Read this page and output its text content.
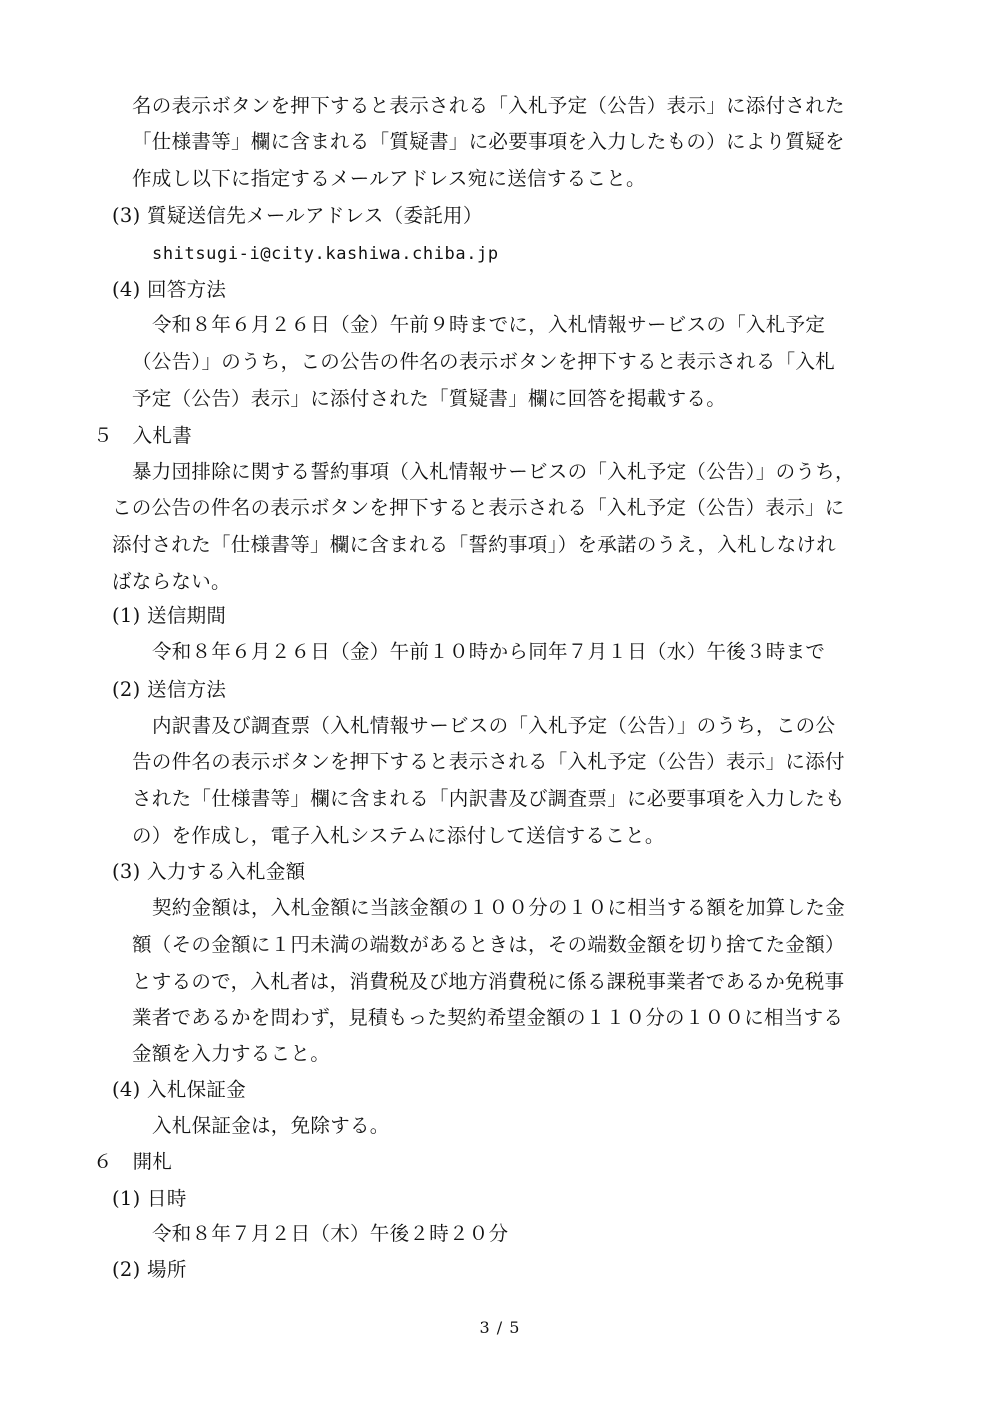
名の表示ボタンを押下すると表示される「入札予定（公告）表示」に添付された
「仕様書等」欄に含まれる「質疑書」に必要事項を入力したもの）により質疑を
作成し以下に指定するメールアドレス宛に送信すること。
(3) 質疑送信先メールアドレス（委託用）
shitsugi-i@city.kashiwa.chiba.jp
(4) 回答方法
令和８年６月２６日（金）午前９時までに，入札情報サービスの「入札予定
（公告）」のうち，この公告の件名の表示ボタンを押下すると表示される「入札
予定（公告）表示」に添付された「質疑書」欄に回答を掲載する。
５　入札書
暴力団排除に関する誓約事項（入札情報サービスの「入札予定（公告）」のうち，
この公告の件名の表示ボタンを押下すると表示される「入札予定（公告）表示」に
添付された「仕様書等」欄に含まれる「誓約事項」）を承諾のうえ，入札しなけれ
ばならない。
(1) 送信期間
令和８年６月２６日（金）午前１０時から同年７月１日（水）午後３時まで
(2) 送信方法
内訳書及び調査票（入札情報サービスの「入札予定（公告）」のうち，この公
告の件名の表示ボタンを押下すると表示される「入札予定（公告）表示」に添付
された「仕様書等」欄に含まれる「内訳書及び調査票」に必要事項を入力したも
の）を作成し，電子入札システムに添付して送信すること。
(3) 入力する入札金額
契約金額は，入札金額に当該金額の１００分の１０に相当する額を加算した金
額（その金額に１円未満の端数があるときは，その端数金額を切り捨てた金額）
とするので，入札者は，消費税及び地方消費税に係る課税事業者であるか免税事
業者であるかを問わず，見積もった契約希望金額の１１０分の１００に相当する
金額を入力すること。
(4) 入札保証金
入札保証金は，免除する。
６　開札
(1) 日時
令和８年７月２日（木）午後２時２０分
(2) 場所
3 / 5
